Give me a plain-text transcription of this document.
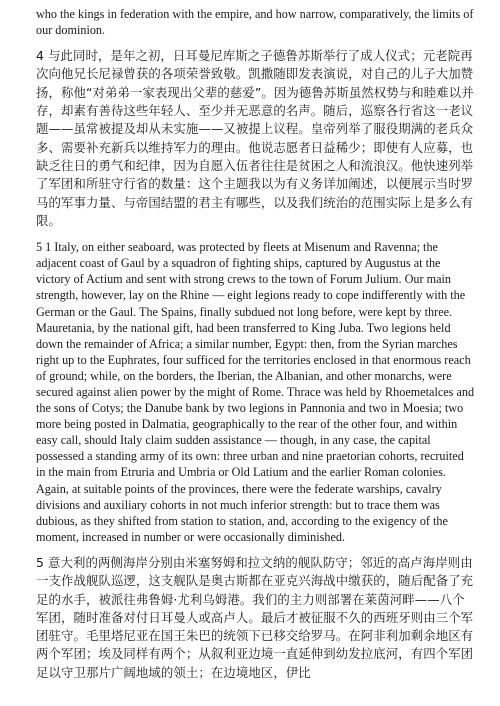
who the kings in federation with the empire, and how narrow, comparatively, the limits of our dominion.

4 与此同时，是年之初，日耳曼尼库斯之子德鲁苏斯举行了成人仪式；元老院再次向他兄长尼禄曾获的各项荣誉致敬。凯撒随即发表演说，对自己的儿子大加赞扬，称他“对弟弟一家表现出父辈的慈爱”。因为德鲁苏斯虽然权势与和睦难以并存，却素有善待这些年轻人、至少并无恶意的名声。随后，巡察各行省这一老议题——虽常被提及却从未实施——又被提上议程。皇帝列举了服役期满的老兵众多、需要补充新兵以维持军力的理由。他说志愿者日益稀少；即使有人应募，也缺乏往日的勇气和纪律，因为自愿入伍者往往是贫困之人和流浪汉。他快速列举了军团和所驻守行省的数量：这个主题我以为有义务详加阐述，以便展示当时罗马的军事力量、与帝国结盟的君主有哪些，以及我们统治的范围实际上是多么有限。

5 1 Italy, on either seaboard, was protected by fleets at Misenum and Ravenna; the adjacent coast of Gaul by a squadron of fighting ships, captured by Augustus at the victory of Actium and sent with strong crews to the town of Forum Julium. Our main strength, however, lay on the Rhine — eight legions ready to cope indifferently with the German or the Gaul. The Spains, finally subdued not long before, were kept by three. Mauretania, by the national gift, had been transferred to King Juba. Two legions held down the remainder of Africa; a similar number, Egypt: then, from the Syrian marches right up to the Euphrates, four sufficed for the territories enclosed in that enormous reach of ground; while, on the borders, the Iberian, the Albanian, and other monarchs, were secured against alien power by the might of Rome. Thrace was held by Rhoemetalces and the sons of Cotys; the Danube bank by two legions in Pannonia and two in Moesia; two more being posted in Dalmatia, geographically to the rear of the other four, and within easy call, should Italy claim sudden assistance — though, in any case, the capital possessed a standing army of its own: three urban and nine praetorian cohorts, recruited in the main from Etruria and Umbria or Old Latium and the earlier Roman colonies. Again, at suitable points of the provinces, there were the federate warships, cavalry divisions and auxiliary cohorts in not much inferior strength: but to trace them was dubious, as they shifted from station to station, and, according to the exigency of the moment, increased in number or were occasionally diminished.

5 意大利的两侧海岸分别由米塞努姆和拉文纳的舰队防守；邻近的高卢海岸则由一支作战舰队巡逻，这支舰队是奥古斯都在亚克兴海战中缴获的，随后配备了充足的水手，被派往弗鲁姆·尤利乌姆港。我们的主力则部署在莱茵河畔——八个军团，随时准备对付日耳曼人或高卢人。最后才被征服不久的西班牙则由三个军团驻守。毛里塔尼亚在国王朱巴的统领下已移交给罗马。在阿非利加剩余地区有两个军团；埃及同样有两个；从叙利亚边境一直延伸到幼发拉底河，有四个军团足以守卫那片广阔地域的领土；在边境地区，伊比
